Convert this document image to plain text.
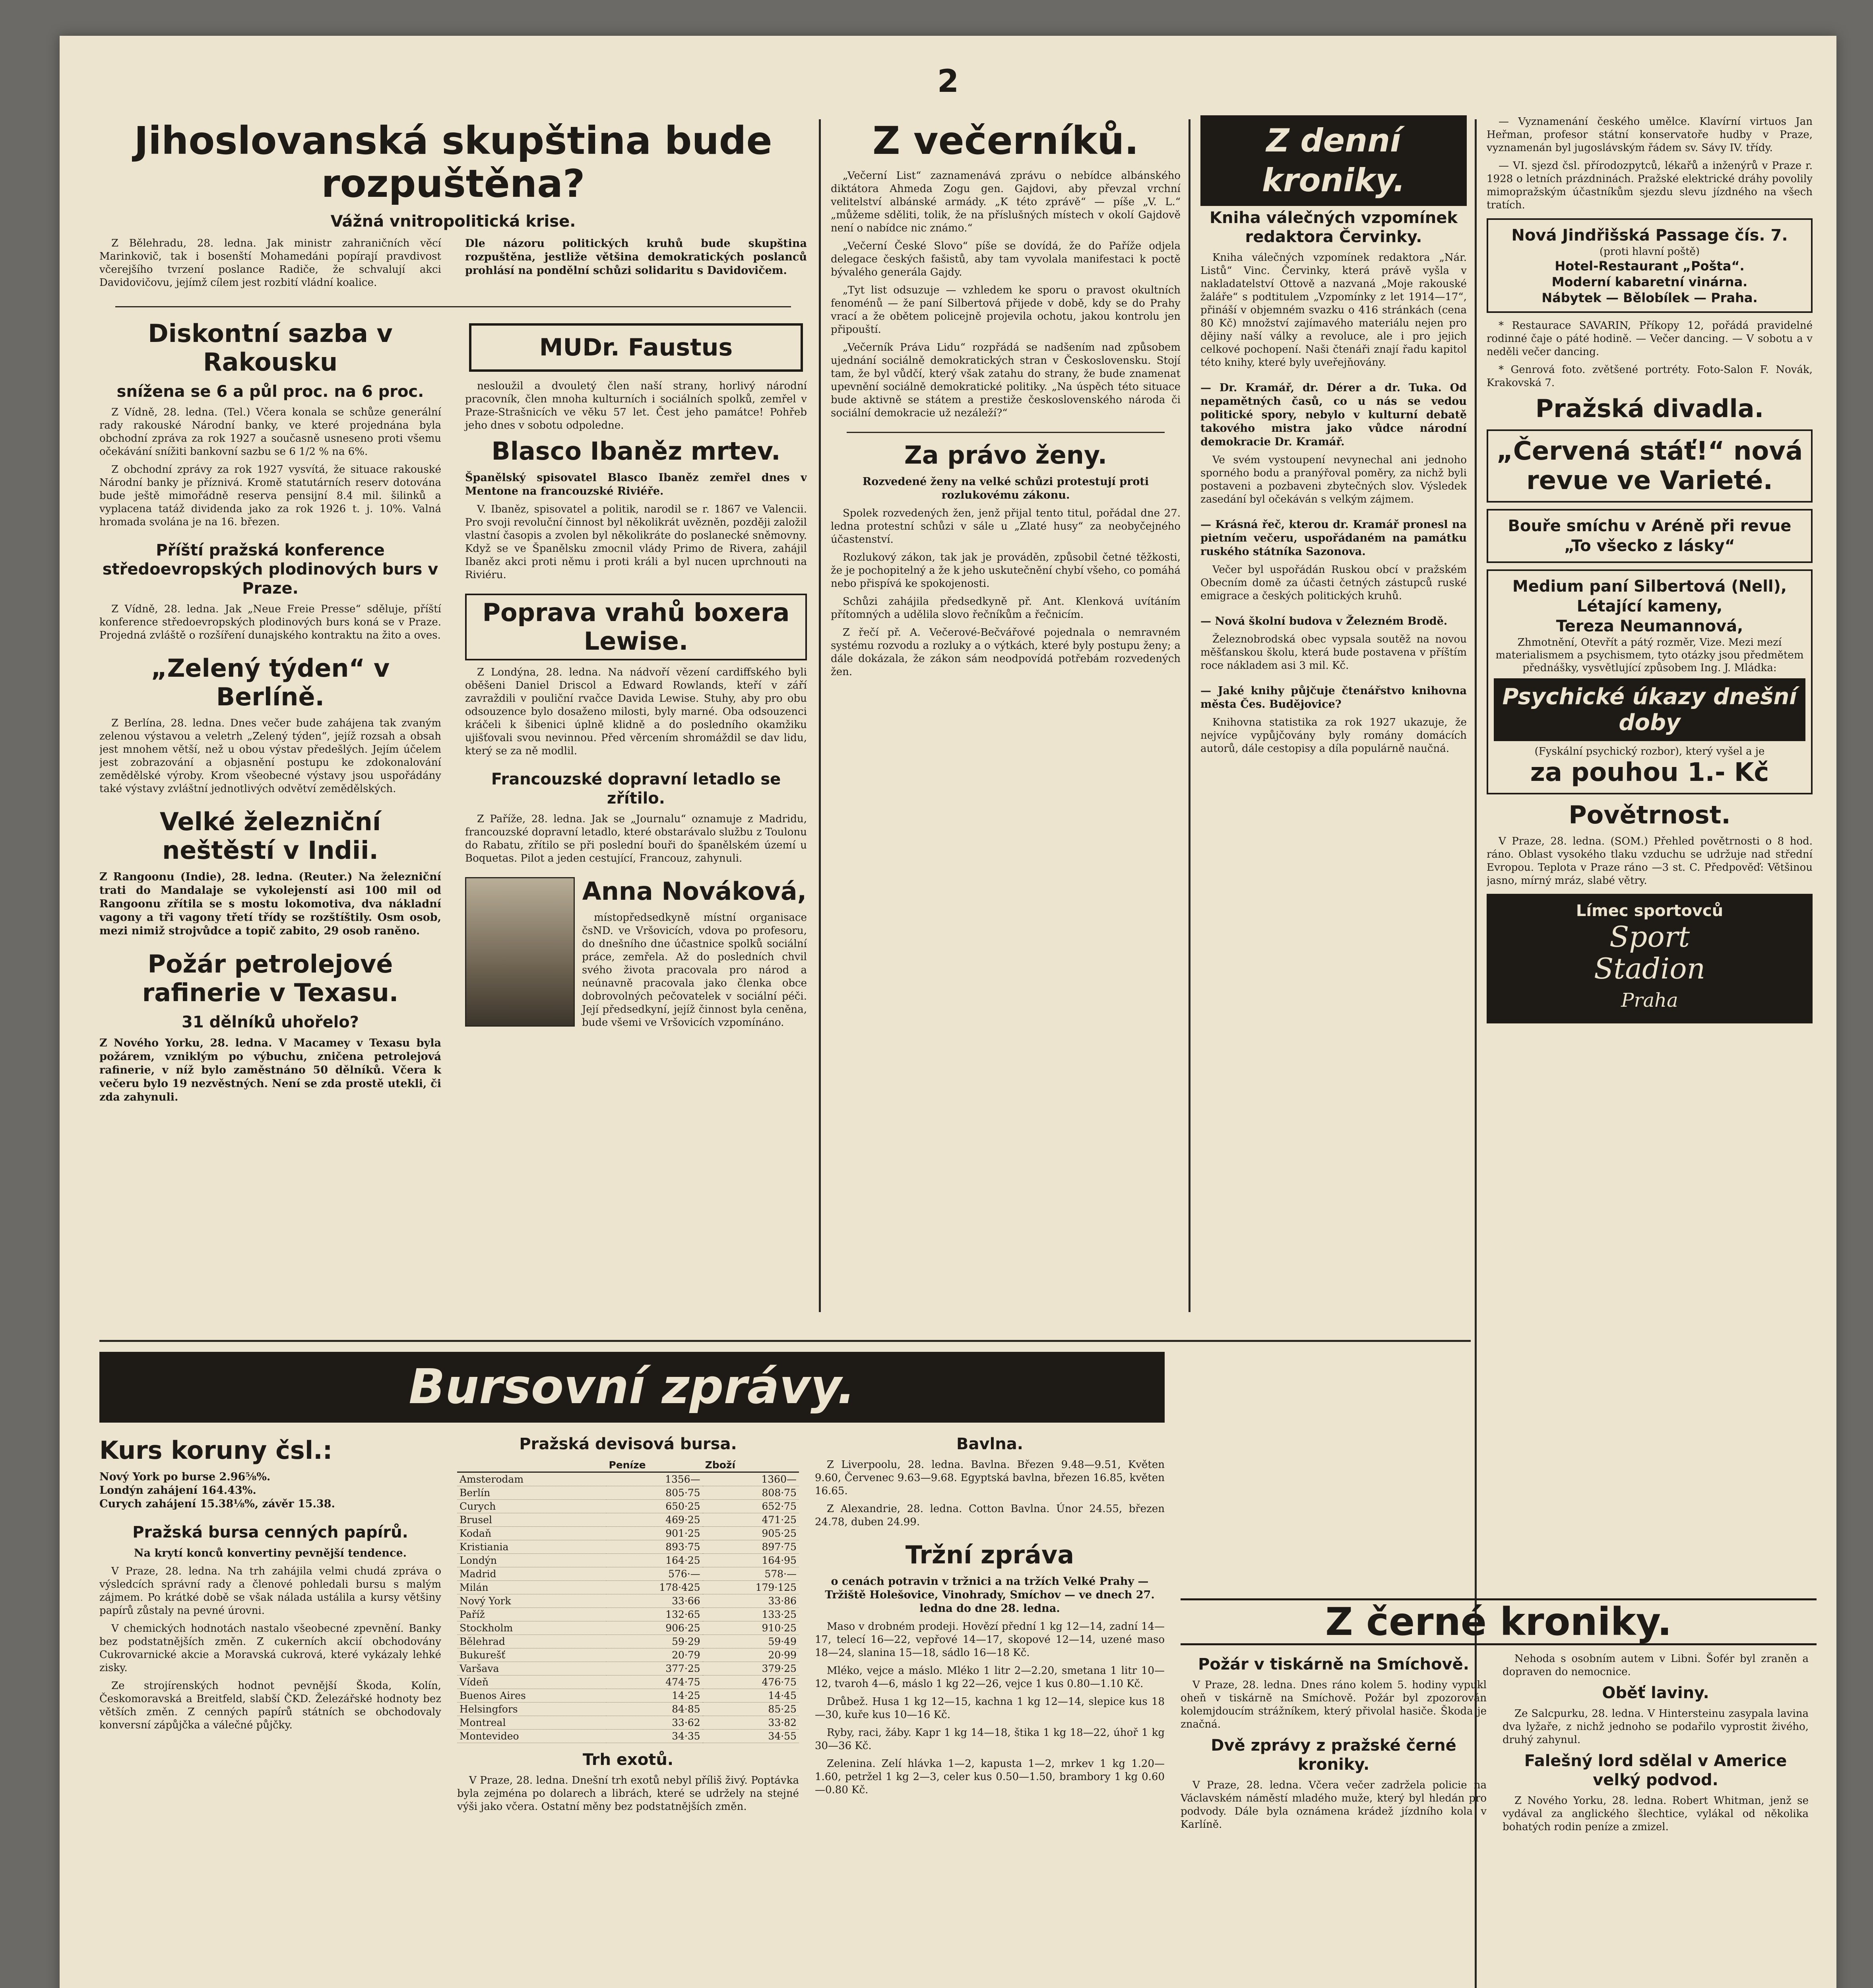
2
Jihoslovanská skupština bude rozpuštěna?
Vážná vnitropolitická krise.

Z Bělehradu, 28. ledna. Jak ministr zahraničních věcí Marinkovič, tak i bosenští Mohamedáni popírají pravdivost včerejšího tvrzení poslance Radiče, že schvalují akci Davidovičovu, jejímž cílem jest rozbití vládní koalice.

Dle názoru politických kruhů bude skupština rozpuštěna, jestliže většina demokratických poslanců prohlásí na pondělní schůzi solidaritu s Davidovičem.

Diskontní sazba v Rakousku
snížena se 6 a půl proc. na 6 proc.

Z Vídně, 28. ledna. (Tel.) Včera konala se schůze generální rady rakouské Národní banky, ve které projednána byla obchodní zpráva za rok 1927 a současně usneseno proti všemu očekávání snížiti bankovní sazbu se 6 1/2 % na 6%.

Z obchodní zprávy za rok 1927 vysvítá, že situace rakouské Národní banky je příznivá. Kromě statutárních reserv dotována bude ještě mimořádně reserva pensijní 8.4 mil. šilinků a vyplacena tatáž dividenda jako za rok 1926 t. j. 10%. Valná hromada svolána je na 16. březen.

Příští pražská konference středoevropských plodinových burs v Praze.

Z Vídně, 28. ledna. Jak „Neue Freie Presse“ sděluje, příští konference středoevropských plodinových burs koná se v Praze. Projedná zvláště o rozšíření dunajského kontraktu na žito a oves.

„Zelený týden“ v Berlíně.

Z Berlína, 28. ledna. Dnes večer bude zahájena tak zvaným zelenou výstavou a veletrh „Zelený týden“, jejíž rozsah a obsah jest mnohem větší, než u obou výstav předešlých. Jejím účelem jest zobrazování a objasnění postupu ke zdokonalování zemědělské výroby. Krom všeobecné výstavy jsou uspořádány také výstavy zvláštní jednotlivých odvětví zemědělských.

Velké železniční neštěstí v Indii.

Z Rangoonu (Indie), 28. ledna. (Reuter.) Na železniční trati do Mandalaje se vykolejenstí asi 100 mil od Rangoonu zřítila se s mostu lokomotiva, dva nákladní vagony a tři vagony třetí třídy se rozštíštily. Osm osob, mezi nimiž strojvůdce a topič zabito, 29 osob raněno.

Požár petrolejové rafinerie v Texasu.
31 dělníků uhořelo?

Z Nového Yorku, 28. ledna. V Macamey v Texasu byla požárem, vzniklým po výbuchu, zničena petrolejová rafinerie, v níž bylo zaměstnáno 50 dělníků. Včera k večeru bylo 19 nezvěstných. Není se zda prostě utekli, či zda zahynuli.

MUDr. Faustus

nesloužil a dvouletý člen naší strany, horlivý národní pracovník, člen mnoha kulturních i sociálních spolků, zemřel v Praze-Strašnicích ve věku 57 let. Čest jeho památce! Pohřeb jeho dnes v sobotu odpoledne.

Blasco Ibaněz mrtev.

Španělský spisovatel Blasco Ibaněz zemřel dnes v Mentone na francouzské Riviéře.

V. Ibaněz, spisovatel a politik, narodil se r. 1867 ve Valencii. Pro svoji revoluční činnost byl několikrát uvězněn, později založil vlastní časopis a zvolen byl několikráte do poslanecké sněmovny. Když se ve Španělsku zmocnil vlády Primo de Rivera, zahájil Ibaněz akci proti němu i proti králi a byl nucen uprchnouti na Riviéru.

Poprava vrahů boxera Lewise.

Z Londýna, 28. ledna. Na nádvoří vězení cardiffského byli oběšeni Daniel Driscol a Edward Rowlands, kteří v září zavraždili v pouliční rvačce Davida Lewise. Stuhy, aby pro obu odsouzence bylo dosaženo milosti, byly marné. Oba odsouzenci kráčeli k šibenici úplně klidně a do posledního okamžiku ujišťovali svou nevinnou. Před věrcením shromáždil se dav lidu, který se za ně modlil.

Francouzské dopravní letadlo se zřítilo.

Z Paříže, 28. ledna. Jak se „Journalu“ oznamuje z Madridu, francouzské dopravní letadlo, které obstarávalo službu z Toulonu do Rabatu, zřítilo se při poslední bouři do španělském území u Boquetas. Pilot a jeden cestující, Francouz, zahynuli.

Anna Nováková,

místopředsedkyně místní organisace čsND. ve Vršovicích, vdova po profesoru, do dnešního dne účastnice spolků sociální práce, zemřela. Až do posledních chvil svého života pracovala pro národ a neúnavně pracovala jako členka obce dobrovolných pečovatelek v sociální péči. Její předsedkyní, jejíž činnost byla ceněna, bude všemi ve Vršovicích vzpomínáno.

Z večerníků.

„Večerní List“ zaznamenává zprávu o nebídce albánského diktátora Ahmeda Zogu gen. Gajdovi, aby převzal vrchní velitelství albánské armády. „K této zprávě“ — píše „V. L.“ „můžeme sděliti, tolik, že na příslušných místech v okolí Gajdově není o nabídce nic známo.“

„Večerní České Slovo“ píše se dovídá, že do Paříže odjela delegace českých fašistů, aby tam vyvolala manifestaci k poctě bývalého generála Gajdy.

„Tyt list odsuzuje — vzhledem ke sporu o pravost okultních fenoménů — že paní Silbertová přijede v době, kdy se do Prahy vrací a že obětem policejně projevila ochotu, jakou kontrolu jen připouští.

„Večerník Práva Lidu“ rozpřádá se nadšením nad způsobem ujednání sociálně demokratických stran v Československu. Stojí tam, že byl vůdčí, který však zatahu do strany, že bude znamenat upevnění sociálně demokratické politiky. „Na úspěch této situace bude aktivně se státem a prestiže československého národa či sociální demokracie už nezáleží?“

Za právo ženy.

Rozvedené ženy na velké schůzi protestují proti rozlukovému zákonu.

Spolek rozvedených žen, jenž přijal tento titul, pořádal dne 27. ledna protestní schůzi v sále u „Zlaté husy“ za neobyčejného účastenství.

Rozlukový zákon, tak jak je prováděn, způsobil četné těžkosti, že je pochopitelný a že k jeho uskutečnění chybí všeho, co pomáhá nebo přispívá ke spokojenosti.

Schůzi zahájila předsedkyně př. Ant. Klenková uvítáním přítomných a udělila slovo řečníkům a řečnicím.

Z řečí př. A. Večerové-Bečvářové pojednala o nemravném systému rozvodu a rozluky a o výtkách, které byly postupu ženy; a dále dokázala, že zákon sám neodpovídá potřebám rozvedených žen.

Z denní kroniky.
Kniha válečných vzpomínek redaktora Červinky.

Kniha válečných vzpomínek redaktora „Nár. Listů“ Vinc. Červinky, která právě vyšla v nakladatelství Ottově a nazvaná „Moje rakouské žaláře“ s podtitulem „Vzpomínky z let 1914—17“, přináší v objemném svazku o 416 stránkách (cena 80 Kč) množství zajímavého materiálu nejen pro dějiny naší války a revoluce, ale i pro jejich celkové pochopení. Naši čtenáři znají řadu kapitol této knihy, které byly uveřejňovány.

— Dr. Kramář, dr. Dérer a dr. Tuka. Od nepamětných časů, co u nás se vedou politické spory, nebylo v kulturní debatě takového mistra jako vůdce národní demokracie Dr. Kramář.

Ve svém vystoupení nevynechal ani jednoho sporného bodu a pranýřoval poměry, za nichž byli postaveni a pozbaveni zbytečných slov. Výsledek zasedání byl očekáván s velkým zájmem.

— Krásná řeč, kterou dr. Kramář pronesl na pietním večeru, uspořádaném na památku ruského státníka Sazonova.

Večer byl uspořádán Ruskou obcí v pražském Obecním domě za účasti četných zástupců ruské emigrace a českých politických kruhů.

— Nová školní budova v Železném Brodě.

Železnobrodská obec vypsala soutěž na novou měšťanskou školu, která bude postavena v příštím roce nákladem asi 3 mil. Kč.

— Jaké knihy půjčuje čtenářstvo knihovna města Čes. Budějovice?

Knihovna statistika za rok 1927 ukazuje, že nejvíce vypůjčovány byly romány domácích autorů, dále cestopisy a díla populárně naučná.

Bursovní zprávy.
Kurs koruny čsl.:

Nový York po burse 2.96⅝%.

Londýn zahájení 164.43%.

Curych zahájení 15.38⅛%, závěr 15.38.

Pražská bursa cenných papírů.

Na krytí konců konvertiny pevnější tendence.

V Praze, 28. ledna. Na trh zahájila velmi chudá zpráva o výsledcích správní rady a členové pohledali bursu s malým zájmem. Po krátké době se však nálada ustálila a kursy většiny papírů zůstaly na pevné úrovni.

V chemických hodnotách nastalo všeobecné zpevnění. Banky bez podstatnějších změn. Z cukerních akcií obchodovány Cukrovarnické akcie a Moravská cukrová, které vykázaly lehké zisky.

Ze strojírenských hodnot pevnější Škoda, Kolín, Českomoravská a Breitfeld, slabší ČKD. Železářské hodnoty bez větších změn. Z cenných papírů státních se obchodovaly konversní zápůjčka a válečné půjčky.

Pražská devisová bursa.
	Peníze	Zboží
Amsterodam	1356—	1360—
Berlín	805·75	808·75
Curych	650·25	652·75
Brusel	469·25	471·25
Kodaň	901·25	905·25
Kristiania	893·75	897·75
Londýn	164·25	164·95
Madrid	576·—	578·—
Milán	178·425	179·125
Nový York	33·66	33·86
Paříž	132·65	133·25
Stockholm	906·25	910·25
Bělehrad	59·29	59·49
Bukurešť	20·79	20·99
Varšava	377·25	379·25
Vídeň	474·75	476·75
Buenos Aires	14·25	14·45
Helsingfors	84·85	85·25
Montreal	33·62	33·82
Montevideo	34·35	34·55
Trh exotů.

V Praze, 28. ledna. Dnešní trh exotů nebyl příliš živý. Poptávka byla zejména po dolarech a librách, které se udržely na stejné výši jako včera. Ostatní měny bez podstatnějších změn.

Bavlna.

Z Liverpoolu, 28. ledna. Bavlna. Březen 9.48—9.51, Květen 9.60, Červenec 9.63—9.68. Egyptská bavlna, březen 16.85, květen 16.65.

Z Alexandrie, 28. ledna. Cotton Bavlna. Únor 24.55, březen 24.78, duben 24.99.

Tržní zpráva

o cenách potravin v tržnici a na tržích Velké Prahy — Tržiště Holešovice, Vinohrady, Smíchov — ve dnech 27. ledna do dne 28. ledna.

Maso v drobném prodeji. Hovězí přední 1 kg 12—14, zadní 14—17, telecí 16—22, vepřové 14—17, skopové 12—14, uzené maso 18—24, slanina 15—18, sádlo 16—18 Kč.

Mléko, vejce a máslo. Mléko 1 litr 2—2.20, smetana 1 litr 10—12, tvaroh 4—6, máslo 1 kg 22—26, vejce 1 kus 0.80—1.10 Kč.

Drůbež. Husa 1 kg 12—15, kachna 1 kg 12—14, slepice kus 18—30, kuře kus 10—16 Kč.

Ryby, raci, žáby. Kapr 1 kg 14—18, štika 1 kg 18—22, úhoř 1 kg 30—36 Kč.

Zelenina. Zelí hlávka 1—2, kapusta 1—2, mrkev 1 kg 1.20—1.60, petržel 1 kg 2—3, celer kus 0.50—1.50, brambory 1 kg 0.60—0.80 Kč.

— Vyznamenání českého umělce. Klavírní virtuos Jan Heřman, profesor státní konservatoře hudby v Praze, vyznamenán byl jugoslávským řádem sv. Sávy IV. třídy.

— VI. sjezd čsl. přírodozpytců, lékařů a inženýrů v Praze r. 1928 o letních prázdninách. Pražské elektrické dráhy povolily mimopražským účastníkům sjezdu slevu jízdného na všech tratích.

Nová Jindřišská Passage čís. 7.
(proti hlavní poště)
Hotel-Restaurant „Pošta“.
Moderní kabaretní vinárna.
Nábytek — Bělobílek — Praha.

* Restaurace SAVARIN, Příkopy 12, pořádá pravidelné rodinné čaje o páté hodině. — Večer dancing. — V sobotu a v neděli večer dancing.

* Genrová foto. zvětšené portréty. Foto-Salon F. Novák, Krakovská 7.

Pražská divadla.
„Červená stáť!“ nová revue ve Varieté.
Bouře smíchu v Aréně při revue „To všecko z lásky“
Medium paní Silbertová (Nell),
Létající kameny,
Tereza Neumannová,
Zhmotnění, Otevřít a pátý rozměr, Vize. Mezi mezí materialismem a psychismem, tyto otázky jsou předmětem přednášky, vysvětlující způsobem Ing. J. Mládka:
Psychické úkazy dnešní doby
(Fyskální psychický rozbor), který vyšel a je
za pouhou 1.- Kč
Povětrnost.

V Praze, 28. ledna. (SOM.) Přehled povětrnosti o 8 hod. ráno. Oblast vysokého tlaku vzduchu se udržuje nad střední Evropou. Teplota v Praze ráno —3 st. C. Předpověď: Většinou jasno, mírný mráz, slabé větry.

Límec sportovců
Sport
Stadion
Praha
Z černé kroniky.
Požár v tiskárně na Smíchově.

V Praze, 28. ledna. Dnes ráno kolem 5. hodiny vypukl oheň v tiskárně na Smíchově. Požár byl zpozorován kolemjdoucím strážníkem, který přivolal hasiče. Škoda je značná.

Dvě zprávy z pražské černé kroniky.

V Praze, 28. ledna. Včera večer zadržela policie na Václavském náměstí mladého muže, který byl hledán pro podvody. Dále byla oznámena krádež jízdního kola v Karlíně.

Nehoda s osobním autem v Libni. Šofér byl zraněn a dopraven do nemocnice.

Oběť laviny.

Ze Salcpurku, 28. ledna. V Hintersteinu zasypala lavina dva lyžaře, z nichž jednoho se podařilo vyprostit živého, druhý zahynul.

Falešný lord sdělal v Americe velký podvod.

Z Nového Yorku, 28. ledna. Robert Whitman, jenž se vydával za anglického šlechtice, vylákal od několika bohatých rodin peníze a zmizel.
